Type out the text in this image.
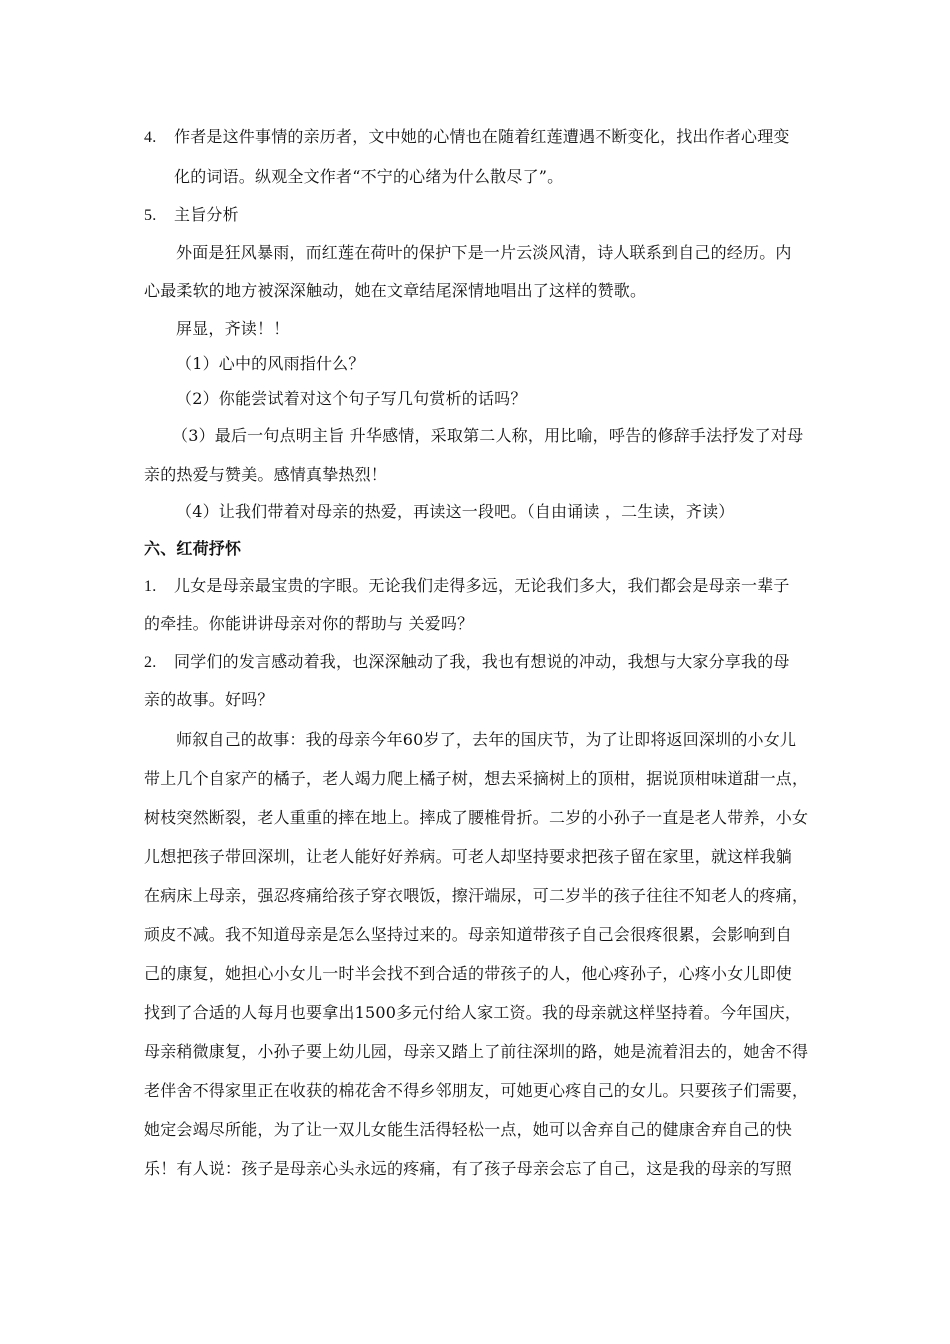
4. 作者是这件事情的亲历者，文中她的心情也在随着红莲遭遇不断变化，找出作者心理变
化的词语。纵观全文作者“不宁的心绪为什么散尽了”。
5. 主旨分析
外面是狂风暴雨，而红莲在荷叶的保护下是一片云淡风清，诗人联系到自己的经历。内
心最柔软的地方被深深触动，她在文章结尾深情地唱出了这样的赞歌。
屏显，齐读！！
（1）心中的风雨指什么？
（2）你能尝试着对这个句子写几句赏析的话吗？
（3）最后一句点明主旨 升华感情，采取第二人称，用比喻，呼告的修辞手法抒发了对母
亲的热爱与赞美。感情真挚热烈！
（4）让我们带着对母亲的热爱，再读这一段吧。（自由诵读 ，二生读，齐读）
六、红荷抒怀
1. 儿女是母亲最宝贵的字眼。无论我们走得多远，无论我们多大，我们都会是母亲一辈子
的牵挂。你能讲讲母亲对你的帮助与 关爱吗？
2. 同学们的发言感动着我，也深深触动了我，我也有想说的冲动，我想与大家分享我的母
亲的故事。好吗？
师叙自己的故事：我的母亲今年60岁了，去年的国庆节，为了让即将返回深圳的小女儿
带上几个自家产的橘子，老人竭力爬上橘子树，想去采摘树上的顶柑，据说顶柑味道甜一点，
树枝突然断裂，老人重重的摔在地上。摔成了腰椎骨折。二岁的小孙子一直是老人带养，小女
儿想把孩子带回深圳，让老人能好好养病。可老人却坚持要求把孩子留在家里，就这样我躺
在病床上母亲，强忍疼痛给孩子穿衣喂饭，擦汗端尿，可二岁半的孩子往往不知老人的疼痛，
顽皮不减。我不知道母亲是怎么坚持过来的。母亲知道带孩子自己会很疼很累，会影响到自
己的康复，她担心小女儿一时半会找不到合适的带孩子的人，他心疼孙子，心疼小女儿即使
找到了合适的人每月也要拿出1500多元付给人家工资。我的母亲就这样坚持着。今年国庆，
母亲稍微康复，小孙子要上幼儿园，母亲又踏上了前往深圳的路，她是流着泪去的，她舍不得
老伴舍不得家里正在收获的棉花舍不得乡邻朋友，可她更心疼自己的女儿。只要孩子们需要，
她定会竭尽所能，为了让一双儿女能生活得轻松一点，她可以舍弃自己的健康舍弃自己的快
乐！有人说：孩子是母亲心头永远的疼痛，有了孩子母亲会忘了自己，这是我的母亲的写照
